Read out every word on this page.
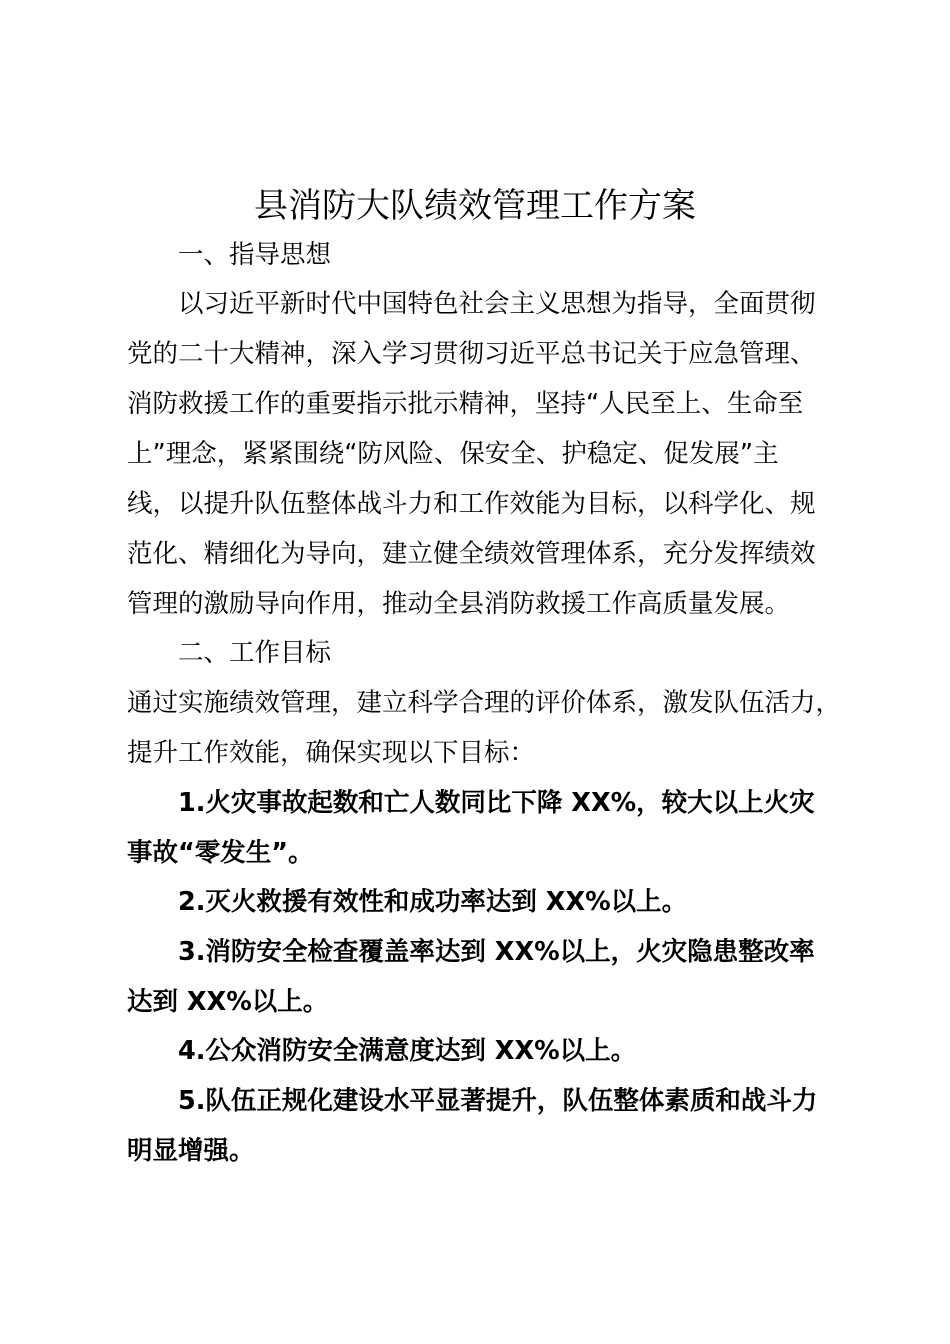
县消防大队绩效管理工作方案
一、指导思想
以习近平新时代中国特色社会主义思想为指导，全面贯彻
党的二十大精神，深入学习贯彻习近平总书记关于应急管理、
消防救援工作的重要指示批示精神，坚持“人民至上、生命至
上”理念，紧紧围绕“防风险、保安全、护稳定、促发展”主
线，以提升队伍整体战斗力和工作效能为目标，以科学化、规
范化、精细化为导向，建立健全绩效管理体系，充分发挥绩效
管理的激励导向作用，推动全县消防救援工作高质量发展。
二、工作目标
通过实施绩效管理，建立科学合理的评价体系，激发队伍活力，
提升工作效能，确保实现以下目标：
1.火灾事故起数和亡人数同比下降 XX%，较大以上火灾
事故“零发生”。
2.灭火救援有效性和成功率达到 XX%以上。
3.消防安全检查覆盖率达到 XX%以上，火灾隐患整改率
达到 XX%以上。
4.公众消防安全满意度达到 XX%以上。
5.队伍正规化建设水平显著提升，队伍整体素质和战斗力
明显增强。
